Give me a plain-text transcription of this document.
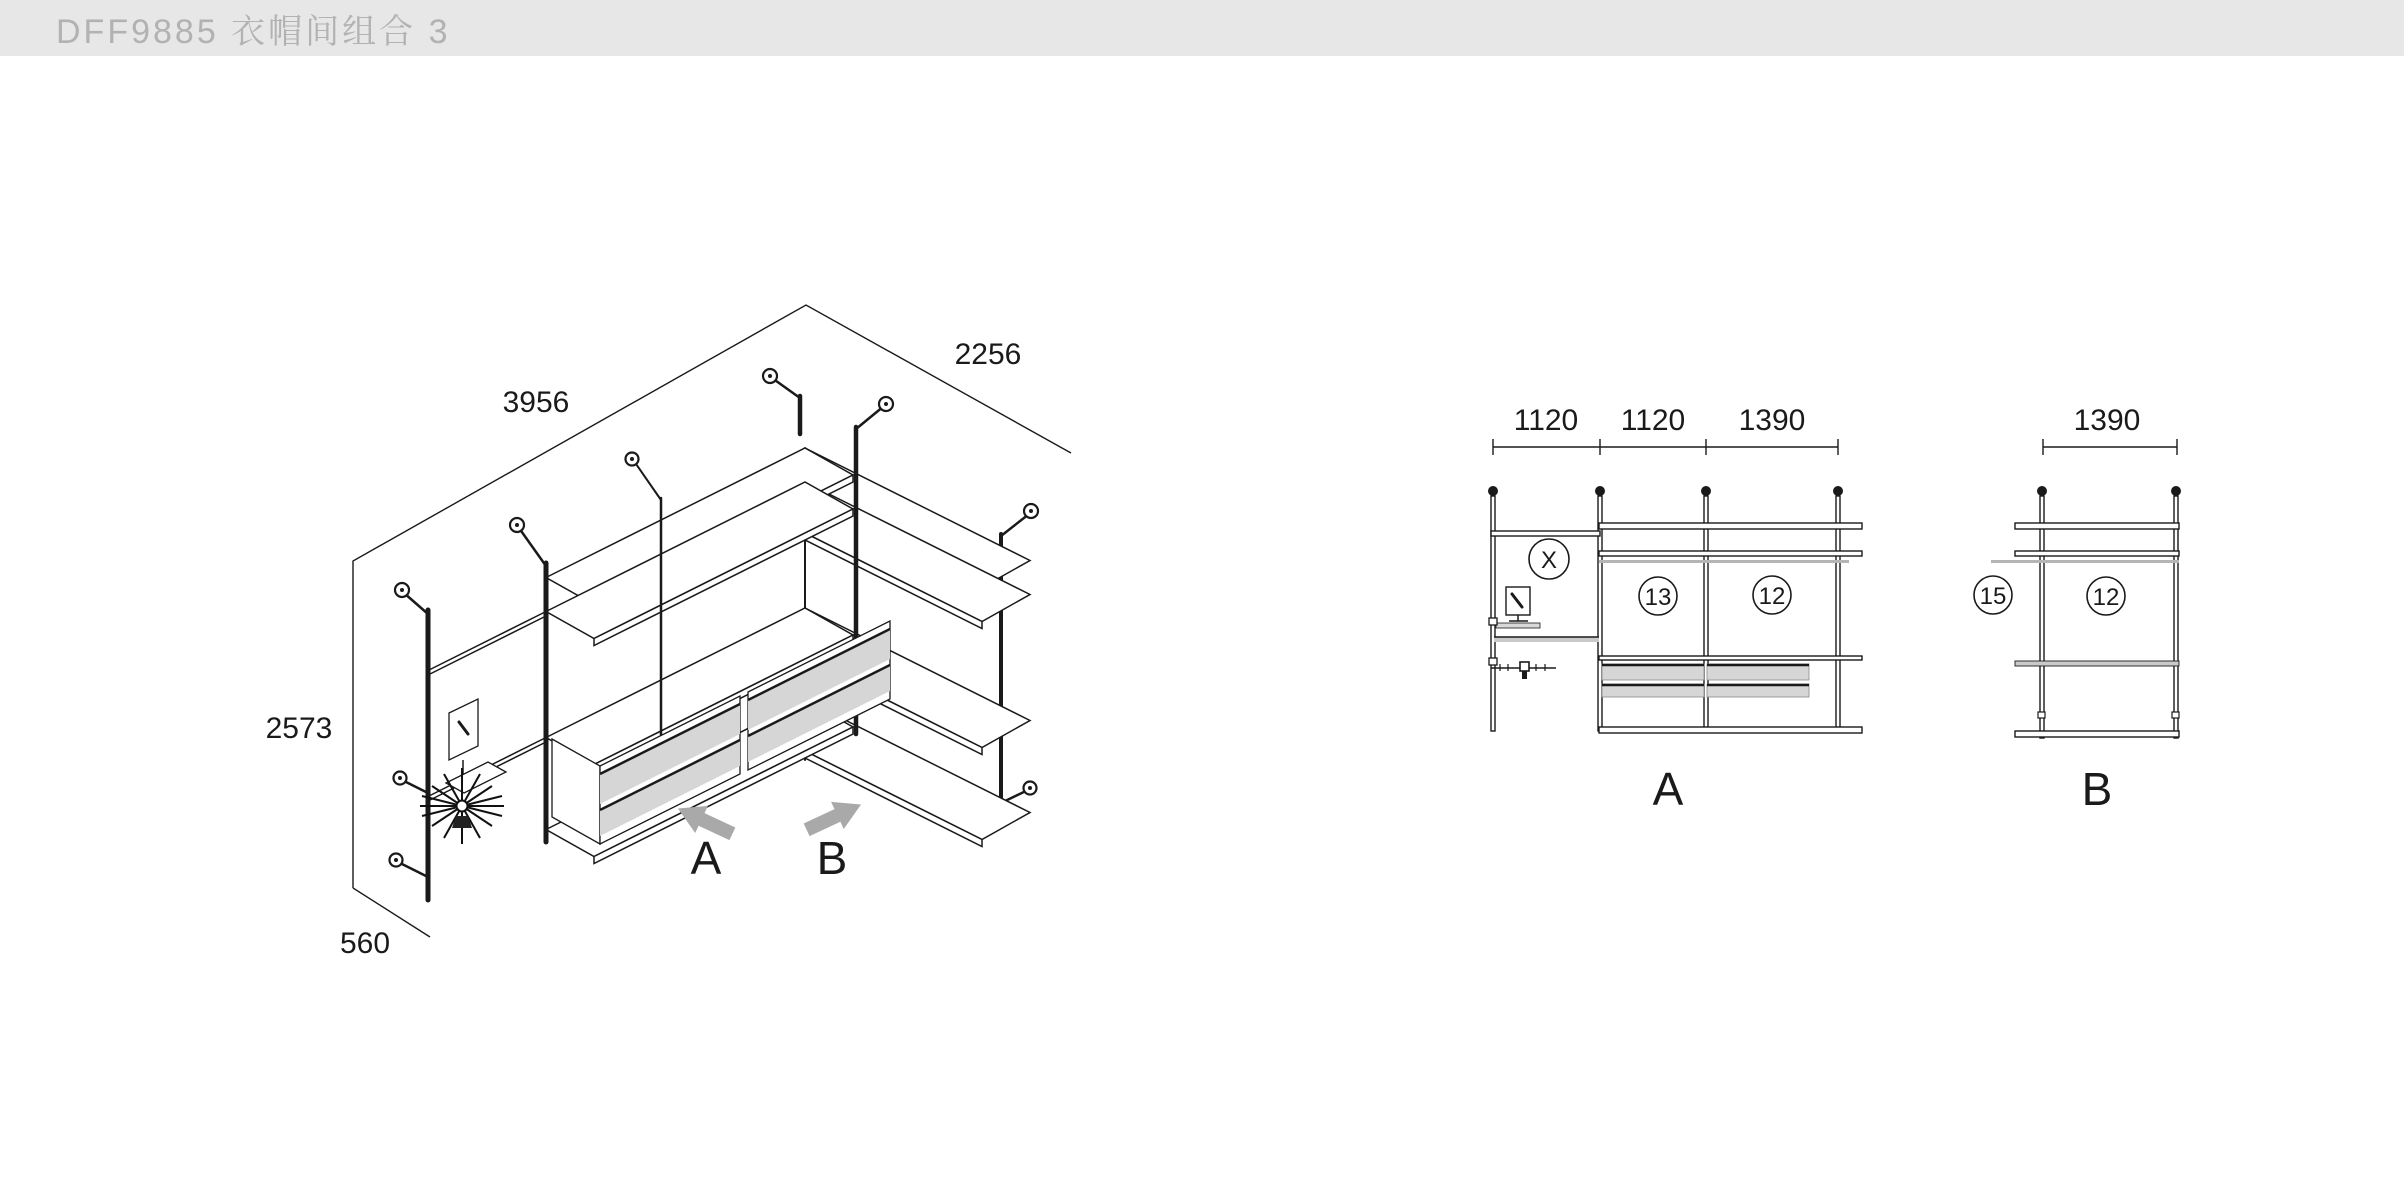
DFF9885 衣帽间组合 3
3956
2256
2573
560
A B
1120 1120 1390
X
13	12
A
1390
15	12
B
